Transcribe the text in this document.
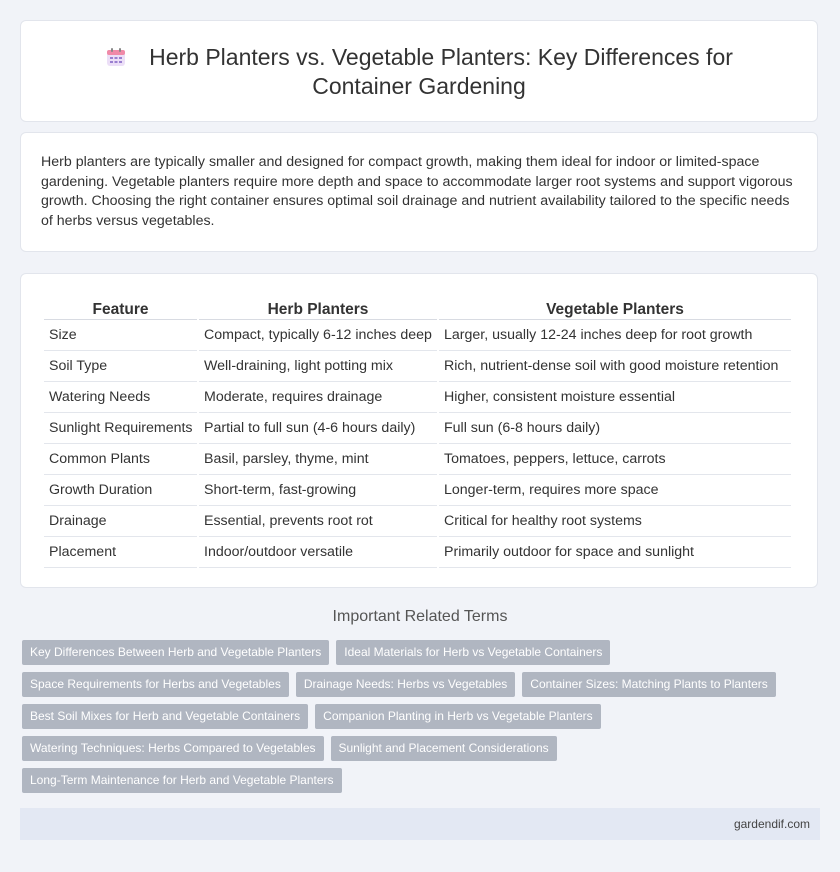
Herb Planters vs. Vegetable Planters: Key Differences for
Container Gardening

Herb planters are typically smaller and designed for compact growth, making them ideal for indoor or limited-space gardening. Vegetable planters require more depth and space to accommodate larger root systems and support vigorous growth. Choosing the right container ensures optimal soil drainage and nutrient availability tailored to the specific needs of herbs versus vegetables.

Feature	Herb Planters	Vegetable Planters
Size	Compact, typically 6-12 inches deep	Larger, usually 12-24 inches deep for root growth
Soil Type	Well-draining, light potting mix	Rich, nutrient-dense soil with good moisture retention
Watering Needs	Moderate, requires drainage	Higher, consistent moisture essential
Sunlight Requirements	Partial to full sun (4-6 hours daily)	Full sun (6-8 hours daily)
Common Plants	Basil, parsley, thyme, mint	Tomatoes, peppers, lettuce, carrots
Growth Duration	Short-term, fast-growing	Longer-term, requires more space
Drainage	Essential, prevents root rot	Critical for healthy root systems
Placement	Indoor/outdoor versatile	Primarily outdoor for space and sunlight
Important Related Terms
Key Differences Between Herb and Vegetable Planters Ideal Materials for Herb vs Vegetable Containers
Space Requirements for Herbs and Vegetables Drainage Needs: Herbs vs Vegetables Container Sizes: Matching Plants to Planters
Best Soil Mixes for Herb and Vegetable Containers Companion Planting in Herb vs Vegetable Planters
Watering Techniques: Herbs Compared to Vegetables Sunlight and Placement Considerations
Long-Term Maintenance for Herb and Vegetable Planters
gardendif.com
